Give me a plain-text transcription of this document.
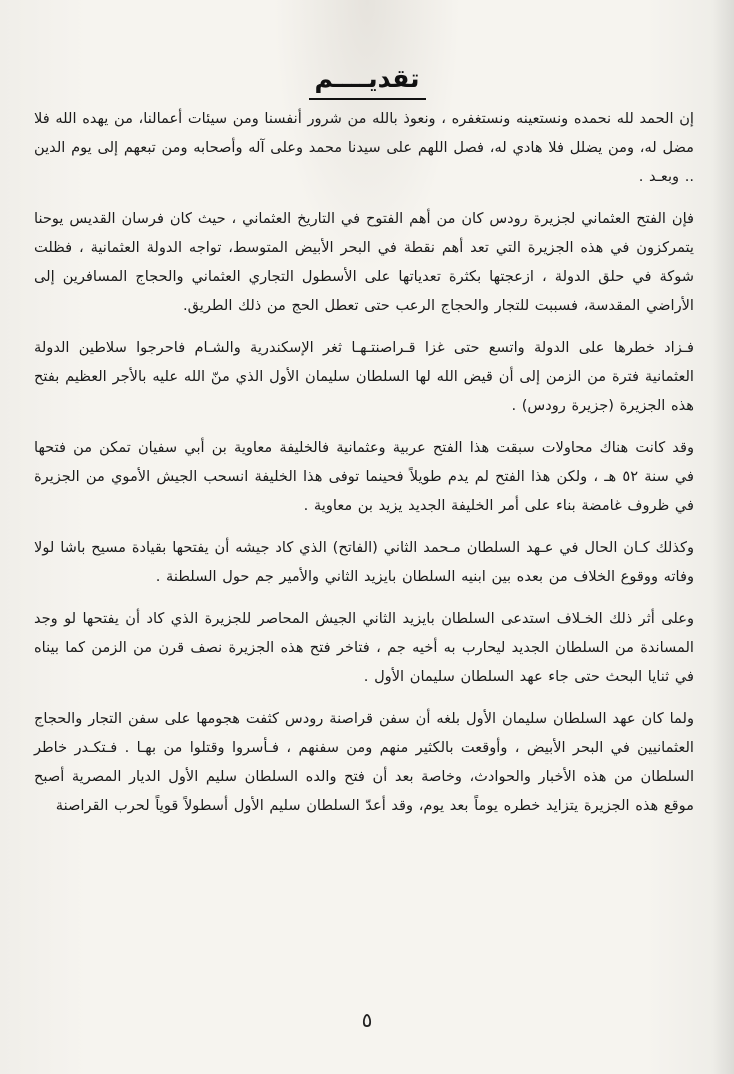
تقديــــم

إن الحمد لله نحمده ونستعينه ونستغفره ، ونعوذ بالله من شرور أنفسنا ومن سيئات أعمالنا، من يهده الله فلا مضل له، ومن يضلل فلا هادي له، فصل اللهم على سيدنا محمد وعلى آله وأصحابه ومن تبعهم إلى يوم الدين .. وبعـد .

فإن الفتح العثماني لجزيرة رودس كان من أهم الفتوح في التاريخ العثماني ، حيث كان فرسان القديس يوحنا يتمركزون في هذه الجزيرة التي تعد أهم نقطة في البحر الأبيض المتوسط، تواجه الدولة العثمانية ، فظلت شوكة في حلق الدولة ، ازعجتها بكثرة تعدياتها على الأسطول التجاري العثماني والحجاج المسافرين إلى الأراضي المقدسة، فسببت للتجار والحجاج الرعب حتى تعطل الحج من ذلك الطريق.

فـزاد خطرها على الدولة واتسع حتى غزا قـراصنتـهـا ثغر الإسكندرية والشـام فاحرجوا سلاطين الدولة العثمانية فترة من الزمن إلى أن قيض الله لها السلطان سليمان الأول الذي منّ الله عليه بالأجر العظيم بفتح هذه الجزيرة (جزيرة رودس) .

وقد كانت هناك محاولات سبقت هذا الفتح عربية وعثمانية فالخليفة معاوية بن أبي سفيان تمكن من فتحها في سنة ٥٢ هـ ، ولكن هذا الفتح لم يدم طويلاً فحينما توفى هذا الخليفة انسحب الجيش الأموي من الجزيرة في ظروف غامضة بناء على أمر الخليفة الجديد يزيد بن معاوية .

وكذلك كـان الحال في عـهد السلطان مـحمد الثاني (الفاتح) الذي كاد جيشه أن يفتحها بقيادة مسيح باشا لولا وفاته ووقوع الخلاف من بعده بين ابنيه السلطان بايزيد الثاني والأمير جم حول السلطنة .

وعلى أثر ذلك الخـلاف استدعى السلطان بايزيد الثاني الجيش المحاصر للجزيرة الذي كاد أن يفتحها لو وجد المساندة من السلطان الجديد ليحارب به أخيه جم ، فتاخر فتح هذه الجزيرة نصف قرن من الزمن كما بيناه في ثنايا البحث حتى جاء عهد السلطان سليمان الأول .

ولما كان عهد السلطان سليمان الأول بلغه أن سفن قراصنة رودس كثفت هجومها على سفن التجار والحجاج العثمانيين في البحر الأبيض ، وأوقعت بالكثير منهم ومن سفنهم ، فـأسروا وقتلوا من بهـا . فـتكـدر خاطر السلطان من هذه الأخبار والحوادث، وخاصة بعد أن فتح والده السلطان سليم الأول الديار المصرية أصبح موقع هذه الجزيرة يتزايد خطره يوماً بعد يوم، وقد أعدّ السلطان سليم الأول أسطولاً قوياً لحرب القراصنة

٥
